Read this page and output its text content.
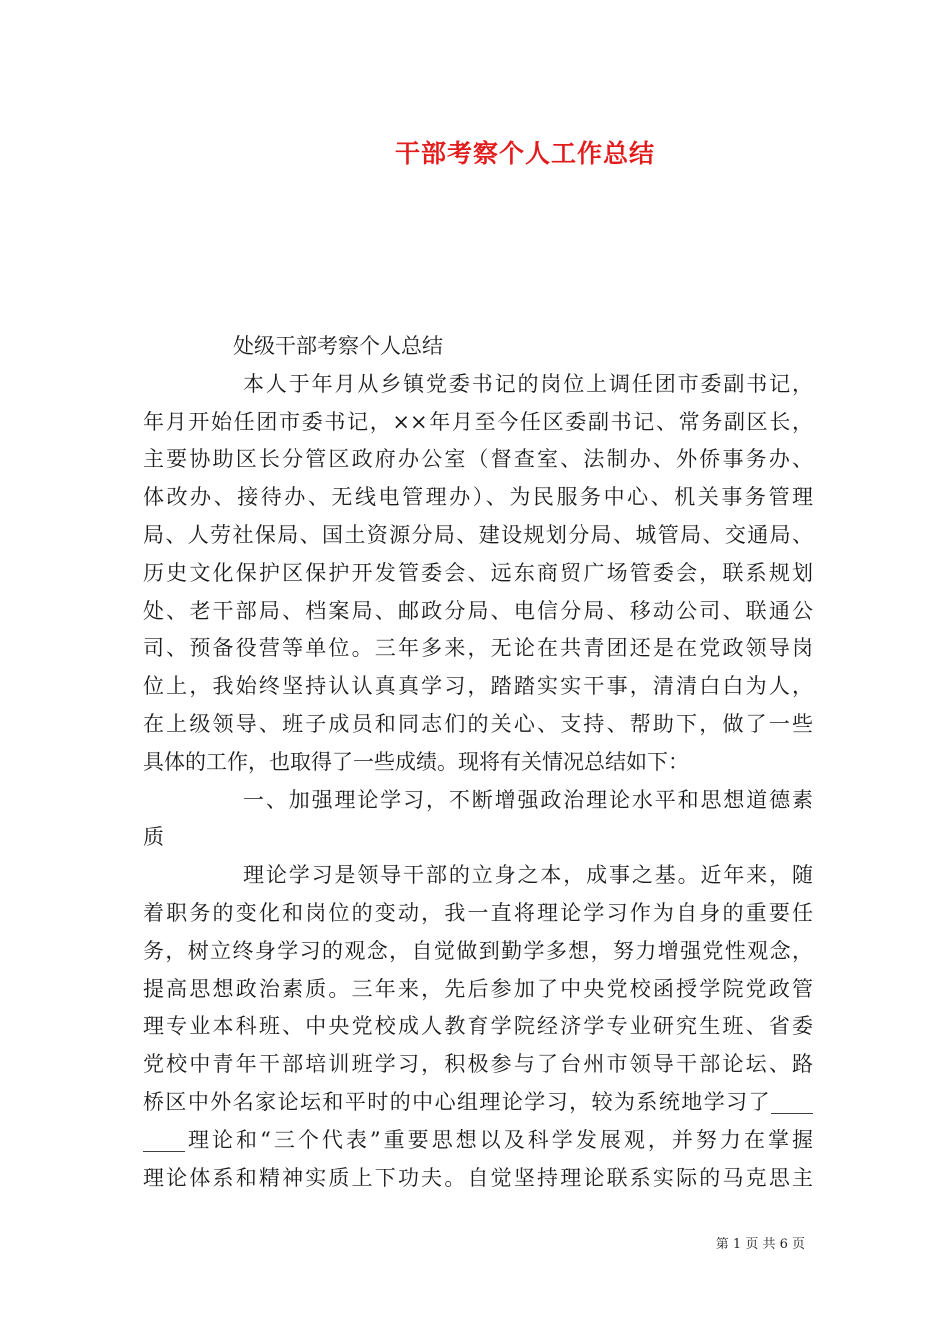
干部考察个人工作总结
处级干部考察个人总结
本人于年月从乡镇党委书记的岗位上调任团市委副书记，
年月开始任团市委书记，××年月至今任区委副书记、常务副区长，
主要协助区长分管区政府办公室（督查室、法制办、外侨事务办、
体改办、接待办、无线电管理办）、为民服务中心、机关事务管理
局、人劳社保局、国土资源分局、建设规划分局、城管局、交通局、
历史文化保护区保护开发管委会、远东商贸广场管委会，联系规划
处、老干部局、档案局、邮政分局、电信分局、移动公司、联通公
司、预备役营等单位。三年多来，无论在共青团还是在党政领导岗
位上，我始终坚持认认真真学习，踏踏实实干事，清清白白为人，
在上级领导、班子成员和同志们的关心、支持、帮助下，做了一些
具体的工作，也取得了一些成绩。现将有关情况总结如下：
一、加强理论学习，不断增强政治理论水平和思想道德素
质
理论学习是领导干部的立身之本，成事之基。近年来，随
着职务的变化和岗位的变动，我一直将理论学习作为自身的重要任
务，树立终身学习的观念，自觉做到勤学多想，努力增强党性观念，
提高思想政治素质。三年来，先后参加了中央党校函授学院党政管
理专业本科班、中央党校成人教育学院经济学专业研究生班、省委
党校中青年干部培训班学习，积极参与了台州市领导干部论坛、路
桥区中外名家论坛和平时的中心组理论学习，较为系统地学习了____
____理论和“三个代表”重要思想以及科学发展观，并努力在掌握
理论体系和精神实质上下功夫。自觉坚持理论联系实际的马克思主
第 1 页 共 6 页
